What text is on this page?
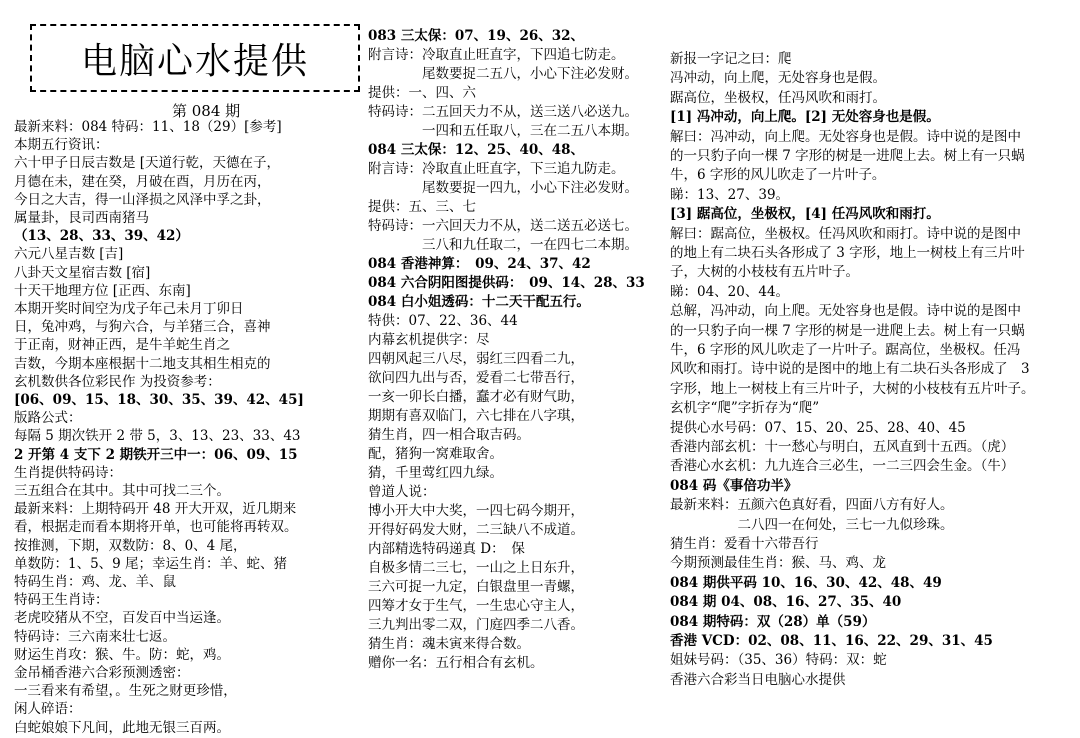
电脑心水提供
第 084 期
最新来料：084 特码：11、18（29）[参考]
本期五行资讯：
六十甲子日辰吉数是 [天道行乾，天德在子，
月德在未，建在癸，月破在酉，月历在丙，
今日之大吉，得一山泽损之风泽中孚之卦，
属量卦，艮司西南猪马
（13、28、33、39、42）
六元八星吉数 [吉]
八卦天文星宿吉数 [宿]
十天干地理方位 [正西、东南]
本期开奖时间空为戊子年己未月丁卯日
日，兔冲鸡，与狗六合，与羊猪三合，喜神
于正南，财神正西，是牛羊蛇生肖之
吉数，今期本座根据十二地支其相生相克的
玄机数供各位彩民作 为投资参考：
[06、09、15、18、30、35、39、42、45]
版路公式：
每隔 5 期次铁开 2 带 5，3、13、23、33、43
2 开第 4 支下 2 期铁开三中一：06、09、15
生肖提供特码诗：
三五组合在其中。其中可找二三个。
最新来料：上期特码开 48 开大开双，近几期来
看，根据走而看本期将开单，也可能将再转双。
按推测，下期，双数防：8、0、4 尾，
单数防：1、5、9 尾；幸运生肖：羊、蛇、猪
特码生肖：鸡、龙、羊、鼠
特码王生肖诗：
老虎咬猪从不空，百发百中当运逢。
特码诗：三六南来壮七返。
财运生肖攻：猴、牛。防：蛇，鸡。
金吊桶香港六合彩预测透密：
一三看来有希望，。生死之财更珍惜，
闲人碎语：
白蛇娘娘下凡间，此地无银三百两。
083 三太保：07、19、26、32、
附言诗：冷取直止旺直字，下四追七防走。
　　　　尾数要捉二五八，小心下注必发财。
提供：一、四、六
特码诗：二五回天力不从，送三送八必送九。
　　　　一四和五任取八，三在二五八本期。
084 三太保：12、25、40、48、
附言诗：冷取直止旺直字，下三追九防走。
　　　　尾数要捉一四九，小心下注必发财。
提供：五、三、七
特码诗：一六回天力不从，送二送五必送七。
　　　　三八和九任取二，一在四七二本期。
084 香港神算：　09、24、37、42
084 六合阴阳图提供码：　09、14、28、33
084 白小姐透码：十二天干配五行。
特供：07、22、36、44
内幕玄机提供字：尽
四朝风起三八尽，弱红三四看二九，
欲问四九出与否，爱看二七带吾行，
一亥一卯长白播，蠢才必有财气助，
期期有喜双临门，六七排在八字琪，
猜生肖，四一相合取吉码。
配，猪狗一窝难取舍。
猜，千里莺红四九绿。
曾道人说：
博小开大中大奖，一四七码今期开，
开得好码发大财，二三缺八不成道。
内部精选特码递真 D：　保
自极多情二三七，一山之上日东升，
三六可捉一九定，白银盘里一青螺，
四筹才女于生气，一生忠心守主人，
三九判出零二双，门庭四季二八香。
猜生肖：魂未寅来得合数。
赠你一名：五行相合有玄机。
新报一字记之曰：爬
冯冲动，向上爬，无处容身也是假。
踞高位，坐极权，任冯风吹和雨打。
[1] 冯冲动，向上爬。[2] 无处容身也是假。
解曰：冯冲动，向上爬。无处容身也是假。诗中说的是图中
的一只豹子向一棵 7 字形的树是一进爬上去。树上有一只蜗
牛，6 字形的风儿吹走了一片叶子。
睇：13、27、39。
[3] 踞高位，坐极权，[4] 任冯风吹和雨打。
解曰：踞高位，坐极权。任冯风吹和雨打。诗中说的是图中
的地上有二块石头各形成了 3 字形，地上一树枝上有三片叶
子，大树的小枝枝有五片叶子。
睇：04、20、44。
总解，冯冲动，向上爬。无处容身也是假。诗中说的是图中
的一只豹子向一棵 7 字形的树是一进爬上去。树上有一只蜗
牛，6 字形的风儿吹走了一片叶子。踞高位，坐极权。任冯
风吹和雨打。诗中说的是图中的地上有二块石头各形成了　3
字形，地上一树枝上有三片叶子，大树的小枝枝有五片叶子。
玄机字“爬”字折存为“爬”
提供心水号码：07、15、20、25、28、40、45
香港内部玄机：十一愁心与明白，五风直到十五西。（虎）
香港心水玄机：九九连合三必生，一二三四会生金。（牛）
084 码《事倍功半》
最新来料：五颜六色真好看，四面八方有好人。
　　　　　二八四一在何处，三七一九似珍珠。
猜生肖：爱看十六带吾行
今期预测最佳生肖：猴、马、鸡、龙
084 期供平码 10、16、30、42、48、49
084 期 04、08、16、27、35、40
084 期特码：双（28）单（59）
香港 VCD：02、08、11、16、22、29、31、45
姐妹号码：（35、36）特码：双：蛇
香港六合彩当日电脑心水提供
